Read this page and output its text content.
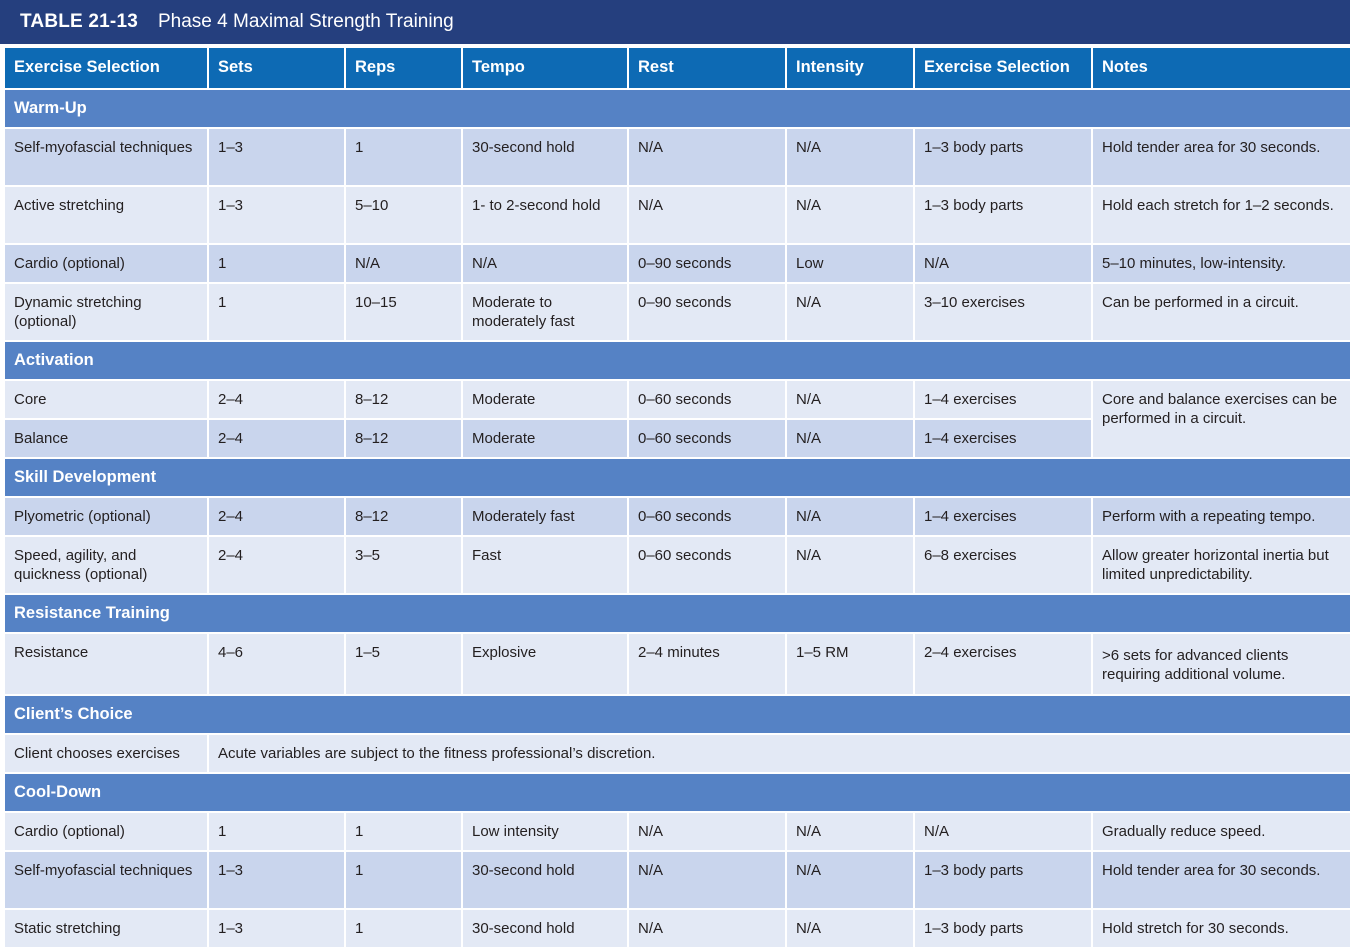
TABLE 21-13 Phase 4 Maximal Strength Training
Exercise Selection	Sets	Reps	Tempo	Rest	Intensity	Exercise Selection	Notes
Warm-Up							
Self-myofascial techniques	1–3	1	30-second hold	N/A	N/A	1–3 body parts	Hold tender area for 30 seconds.
Active stretching	1–3	5–10	1- to 2-second hold	N/A	N/A	1–3 body parts	Hold each stretch for 1–2 seconds.
Cardio (optional)	1	N/A	N/A	0–90 seconds	Low	N/A	5–10 minutes, low-intensity.
Dynamic stretching (optional)	1	10–15	Moderate to moderately fast	0–90 seconds	N/A	3–10 exercises	Can be performed in a circuit.
Activation							
Core	2–4	8–12	Moderate	0–60 seconds	N/A	1–4 exercises	Core and balance exercises can be performed in a circuit.
Balance	2–4	8–12	Moderate	0–60 seconds	N/A	1–4 exercises	
Skill Development							
Plyometric (optional)	2–4	8–12	Moderately fast	0–60 seconds	N/A	1–4 exercises	Perform with a repeating tempo.
Speed, agility, and quickness (optional)	2–4	3–5	Fast	0–60 seconds	N/A	6–8 exercises	Allow greater horizontal inertia but limited unpredictability.
Resistance Training							
Resistance	4–6	1–5	Explosive	2–4 minutes	1–5 RM	2–4 exercises	>6 sets for advanced clients requiring additional volume.
Client’s Choice							
Client chooses exercises	Acute variables are subject to the fitness professional’s discretion.						
Cool-Down							
Cardio (optional)	1	1	Low intensity	N/A	N/A	N/A	Gradually reduce speed.
Self-myofascial techniques	1–3	1	30-second hold	N/A	N/A	1–3 body parts	Hold tender area for 30 seconds.
Static stretching	1–3	1	30-second hold	N/A	N/A	1–3 body parts	Hold stretch for 30 seconds.
